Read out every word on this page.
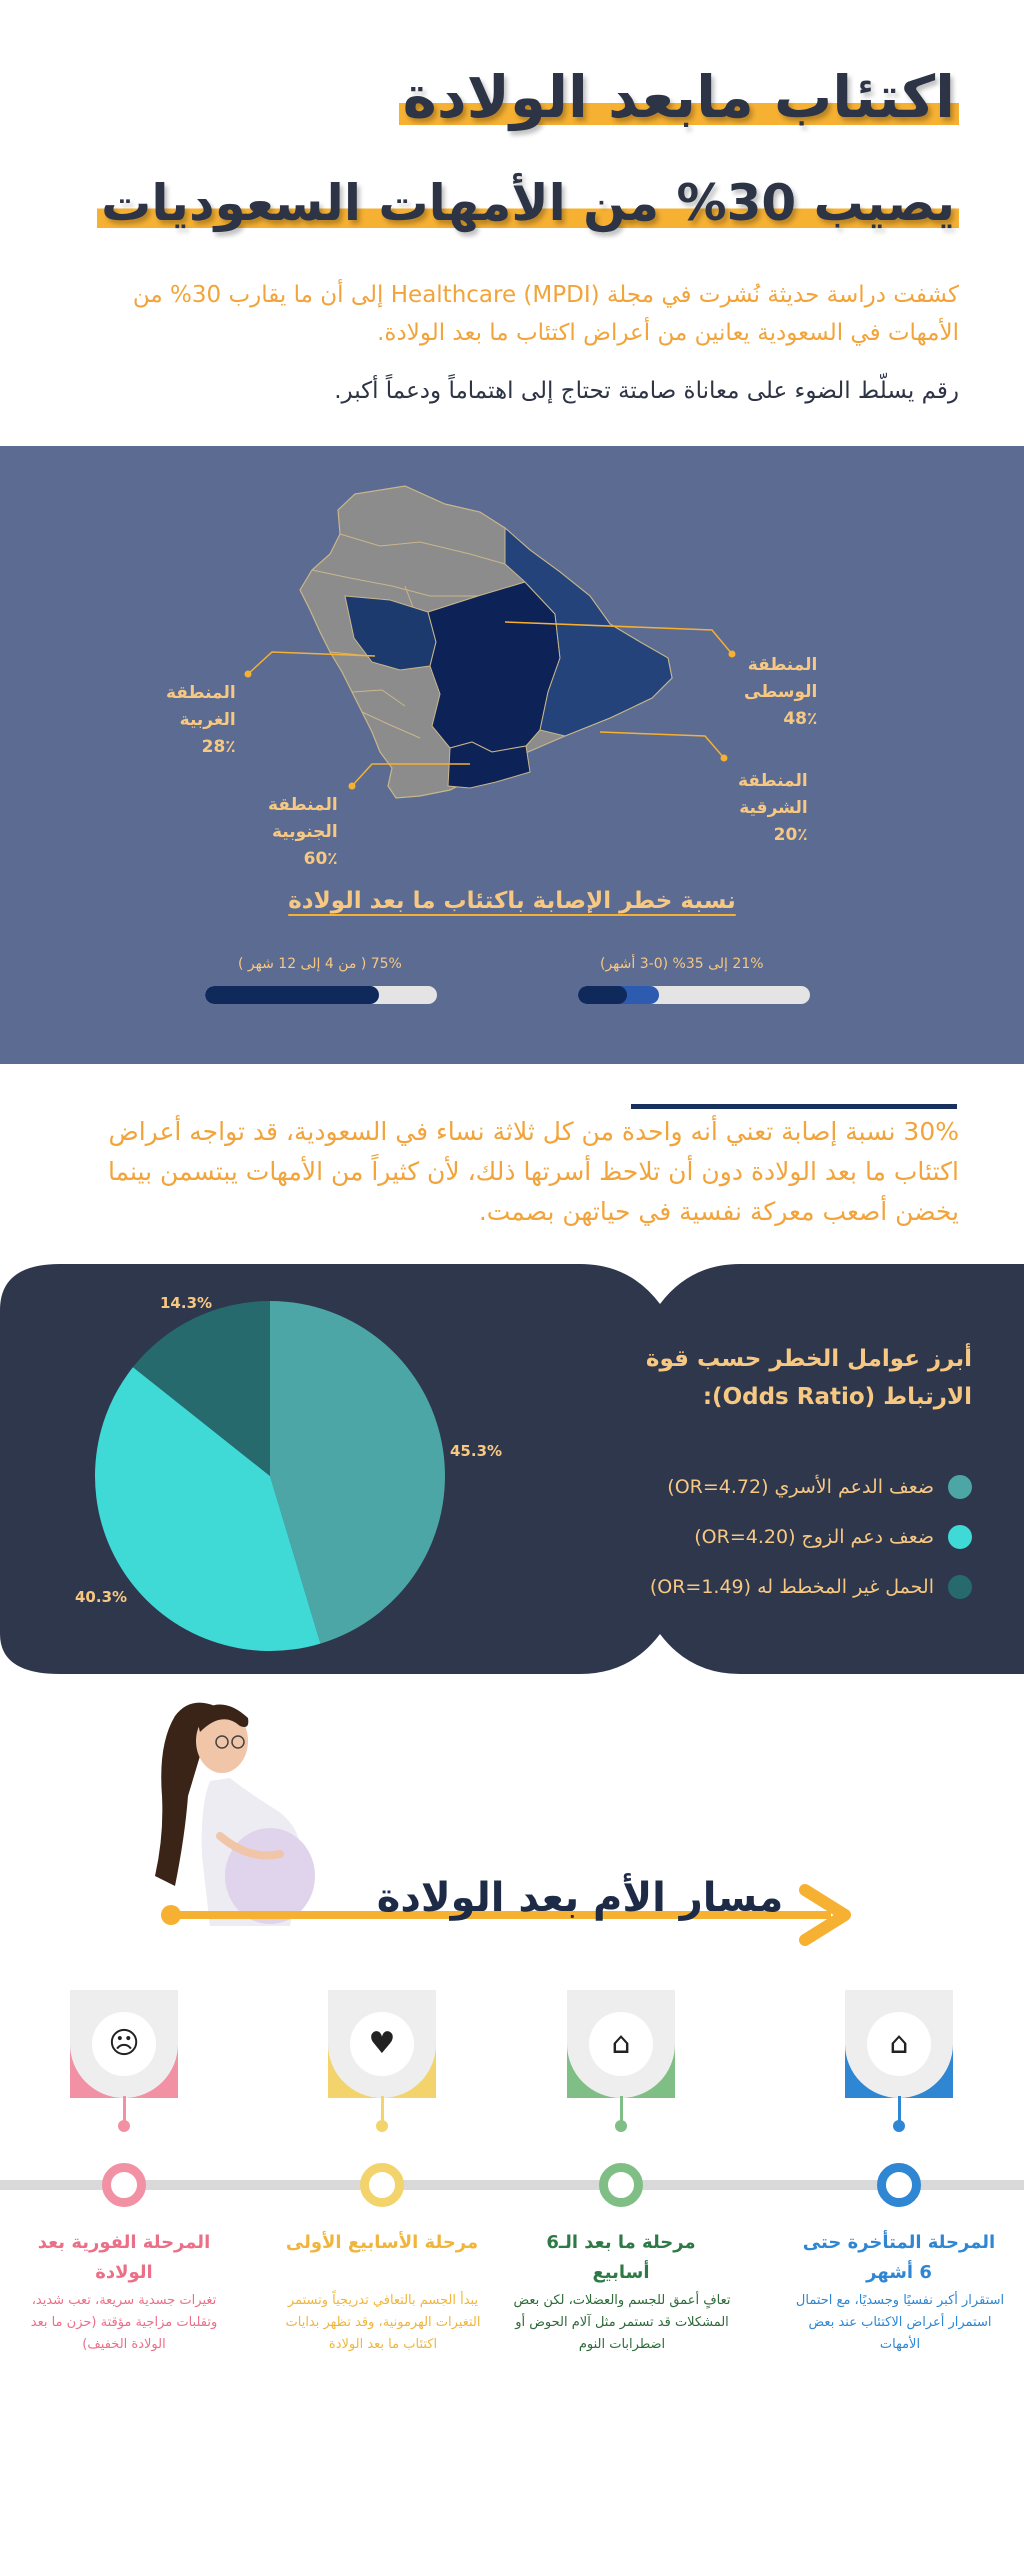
اكتئاب مابعد الولادة
يصيب 30% من الأمهات السعوديات

كشفت دراسة حديثة نُشرت في مجلة Healthcare (MPDI) إلى أن ما يقارب 30% من الأمهات في السعودية يعانين من أعراض اكتئاب ما بعد الولادة.

رقم يسلّط الضوء على معاناة صامتة تحتاج إلى اهتماماً ودعماً أكبر.

المنطقة
الوسطى
48٪
المنطقة
الشرقية
20٪
المنطقة
الغربية
28٪
المنطقة
الجنوبية
60٪
نسبة خطر الإصابة باكتئاب ما بعد الولادة
21% إلى 35% (0-3 أشهر)
75% ( من 4 إلى 12 شهر )

30% نسبة إصابة تعني أنه واحدة من كل ثلاثة نساء في السعودية، قد تواجه أعراض اكتئاب ما بعد الولادة دون أن تلاحظ أسرتها ذلك، لأن كثيراً من الأمهات يبتسمن بينما يخضن أصعب معركة نفسية في حياتهن بصمت.

أبرز عوامل الخطر حسب قوة الارتباط (Odds Ratio):

ضعف الدعم الأسري (OR=4.72)
ضعف دعم الزوج (OR=4.20)
الحمل غير المخطط له (OR=1.49)
45.3%
40.3%
14.3%
مسار الأم بعد الولادة
⌂
المرحلة المتأخرة حتى 6 أشهر
استقرار أكبر نفسيًا وجسديًا، مع احتمال استمرار أعراض الاكتئاب عند بعض الأمهات
⌂
مرحلة ما بعد الـ6 أسابيع
تعافٍ أعمق للجسم والعضلات، لكن بعض المشكلات قد تستمر مثل آلام الحوض أو اضطرابات النوم
♥
مرحلة الأسابيع الأولى
يبدأ الجسم بالتعافي تدريجياً وتستمر التغيرات الهرمونية، وقد تظهر بدايات اكتئاب ما بعد الولادة
☹
المرحلة الفورية بعد الولادة
تغيرات جسدية سريعة، تعب شديد، وتقلبات مزاجية مؤقتة (حزن ما بعد الولادة الخفيف)
